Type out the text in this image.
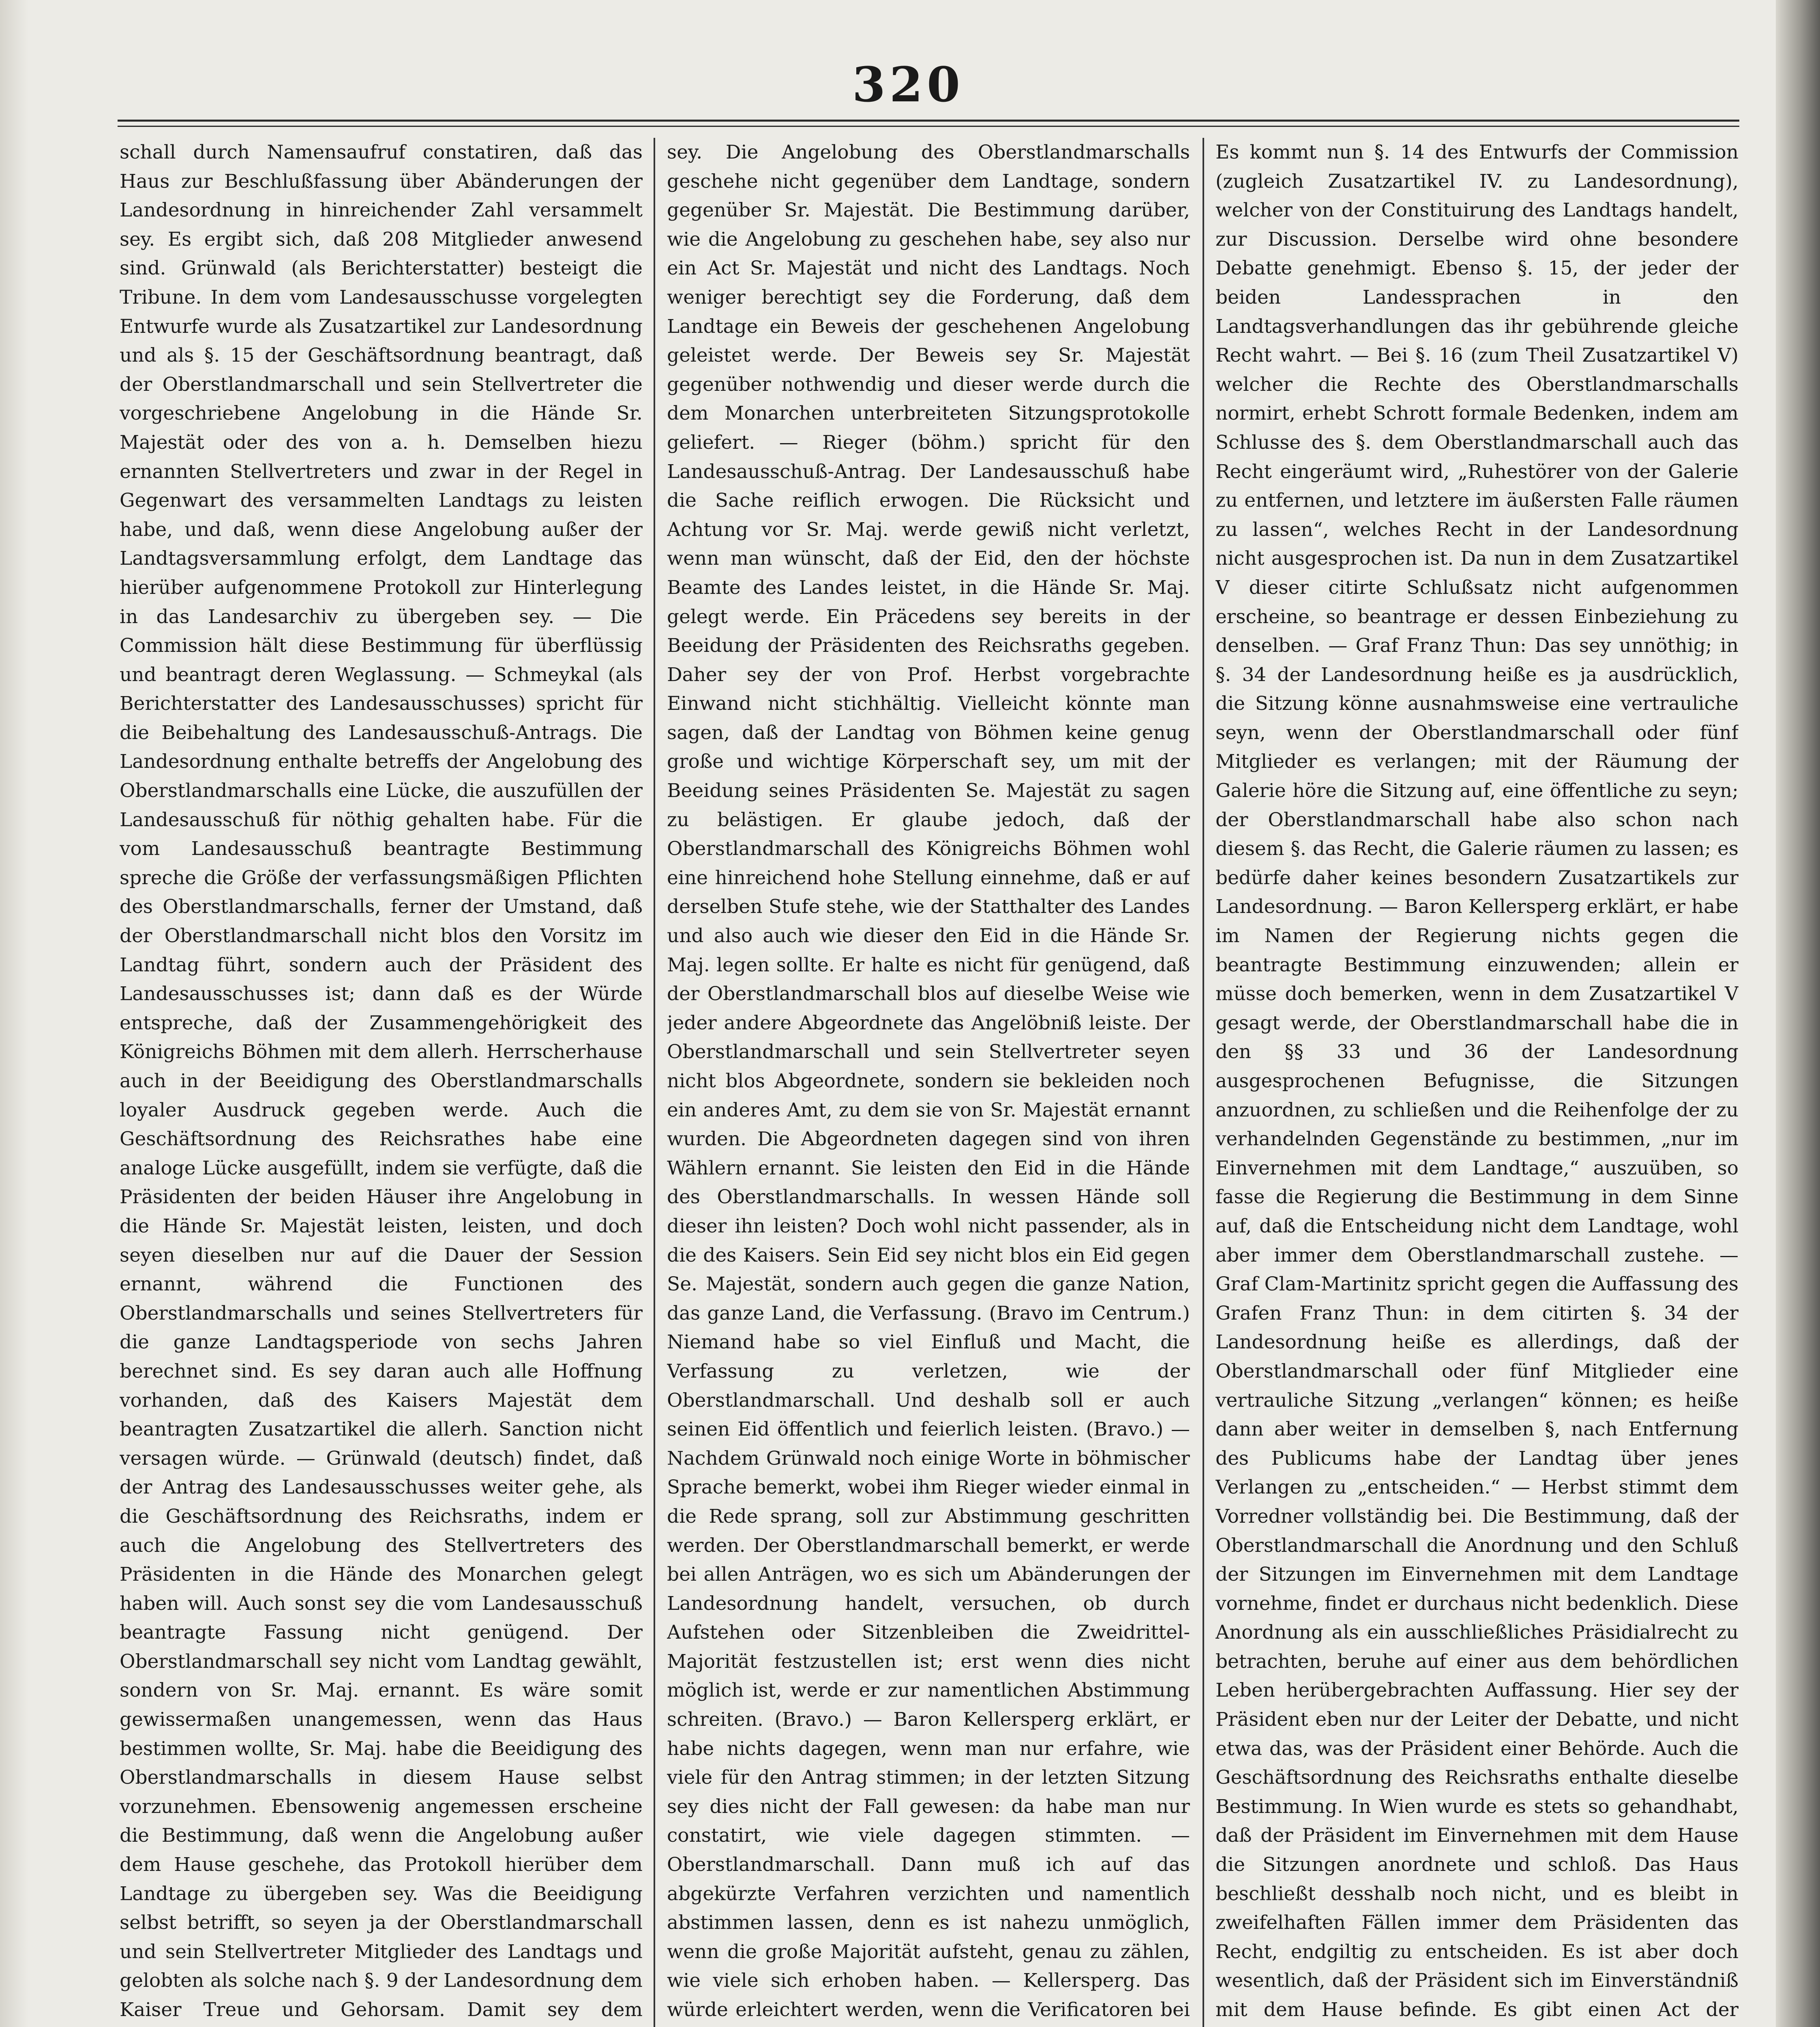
320

schall durch Namensaufruf constatiren, daß das Haus zur Beschlußfassung über Abänderungen der Landesordnung in hinreichender Zahl versammelt sey. Es ergibt sich, daß 208 Mitglieder anwesend sind. Grünwald (als Berichterstatter) besteigt die Tribune. In dem vom Landesausschusse vorgelegten Entwurfe wurde als Zusatzartikel zur Landesordnung und als §. 15 der Geschäftsordnung beantragt, daß der Oberstlandmarschall und sein Stellvertreter die vorgeschriebene Angelobung in die Hände Sr. Majestät oder des von a. h. Demselben hiezu ernannten Stellvertreters und zwar in der Regel in Gegenwart des versammelten Landtags zu leisten habe, und daß, wenn diese Angelobung außer der Landtagsversammlung erfolgt, dem Landtage das hierüber aufgenommene Protokoll zur Hinterlegung in das Landesarchiv zu übergeben sey. — Die Commission hält diese Bestimmung für überflüssig und beantragt deren Weglassung. — Schmeykal (als Berichterstatter des Landesausschusses) spricht für die Beibehaltung des Landesausschuß-Antrags. Die Landesordnung enthalte betreffs der Angelobung des Oberstlandmarschalls eine Lücke, die auszufüllen der Landesausschuß für nöthig gehalten habe. Für die vom Landesausschuß beantragte Bestimmung spreche die Größe der verfassungsmäßigen Pflichten des Oberstlandmarschalls, ferner der Umstand, daß der Oberstlandmarschall nicht blos den Vorsitz im Landtag führt, sondern auch der Präsident des Landesausschusses ist; dann daß es der Würde entspreche, daß der Zusammengehörigkeit des Königreichs Böhmen mit dem allerh. Herrscherhause auch in der Beeidigung des Oberstlandmarschalls loyaler Ausdruck gegeben werde. Auch die Geschäftsordnung des Reichsrathes habe eine analoge Lücke ausgefüllt, indem sie verfügte, daß die Präsidenten der beiden Häuser ihre Angelobung in die Hände Sr. Majestät leisten, leisten, und doch seyen dieselben nur auf die Dauer der Session ernannt, während die Functionen des Oberstlandmarschalls und seines Stellvertreters für die ganze Landtagsperiode von sechs Jahren berechnet sind. Es sey daran auch alle Hoffnung vorhanden, daß des Kaisers Majestät dem beantragten Zusatzartikel die allerh. Sanction nicht versagen würde. — Grünwald (deutsch) findet, daß der Antrag des Landesausschusses weiter gehe, als die Geschäftsordnung des Reichsraths, indem er auch die Angelobung des Stellvertreters des Präsidenten in die Hände des Monarchen gelegt haben will. Auch sonst sey die vom Landesausschuß beantragte Fassung nicht genügend. Der Oberstlandmarschall sey nicht vom Landtag gewählt, sondern von Sr. Maj. ernannt. Es wäre somit gewissermaßen unangemessen, wenn das Haus bestimmen wollte, Sr. Maj. habe die Beeidigung des Oberstlandmarschalls in diesem Hause selbst vorzunehmen. Ebensowenig angemessen erscheine die Bestimmung, daß wenn die Angelobung außer dem Hause geschehe, das Protokoll hierüber dem Landtage zu übergeben sey. Was die Beeidigung selbst betrifft, so seyen ja der Oberstlandmarschall und sein Stellvertreter Mitglieder des Landtags und gelobten als solche nach §. 9 der Landesordnung dem Kaiser Treue und Gehorsam. Damit sey dem

sey. Die Angelobung des Oberstlandmarschalls geschehe nicht gegenüber dem Landtage, sondern gegenüber Sr. Majestät. Die Bestimmung darüber, wie die Angelobung zu geschehen habe, sey also nur ein Act Sr. Majestät und nicht des Landtags. Noch weniger berechtigt sey die Forderung, daß dem Landtage ein Beweis der geschehenen Angelobung geleistet werde. Der Beweis sey Sr. Majestät gegenüber nothwendig und dieser werde durch die dem Monarchen unterbreiteten Sitzungsprotokolle geliefert. — Rieger (böhm.) spricht für den Landesausschuß-Antrag. Der Landesausschuß habe die Sache reiflich erwogen. Die Rücksicht und Achtung vor Sr. Maj. werde gewiß nicht verletzt, wenn man wünscht, daß der Eid, den der höchste Beamte des Landes leistet, in die Hände Sr. Maj. gelegt werde. Ein Präcedens sey bereits in der Beeidung der Präsidenten des Reichsraths gegeben. Daher sey der von Prof. Herbst vorgebrachte Einwand nicht stichhältig. Vielleicht könnte man sagen, daß der Landtag von Böhmen keine genug große und wichtige Körperschaft sey, um mit der Beeidung seines Präsidenten Se. Majestät zu sagen zu belästigen. Er glaube jedoch, daß der Oberstlandmarschall des Königreichs Böhmen wohl eine hinreichend hohe Stellung einnehme, daß er auf derselben Stufe stehe, wie der Statthalter des Landes und also auch wie dieser den Eid in die Hände Sr. Maj. legen sollte. Er halte es nicht für genügend, daß der Oberstlandmarschall blos auf dieselbe Weise wie jeder andere Abgeordnete das Angelöbniß leiste. Der Oberstlandmarschall und sein Stellvertreter seyen nicht blos Abgeordnete, sondern sie bekleiden noch ein anderes Amt, zu dem sie von Sr. Majestät ernannt wurden. Die Abgeordneten dagegen sind von ihren Wählern ernannt. Sie leisten den Eid in die Hände des Oberstlandmarschalls. In wessen Hände soll dieser ihn leisten? Doch wohl nicht passender, als in die des Kaisers. Sein Eid sey nicht blos ein Eid gegen Se. Majestät, sondern auch gegen die ganze Nation, das ganze Land, die Verfassung. (Bravo im Centrum.) Niemand habe so viel Einfluß und Macht, die Verfassung zu verletzen, wie der Oberstlandmarschall. Und deshalb soll er auch seinen Eid öffentlich und feierlich leisten. (Bravo.) — Nachdem Grünwald noch einige Worte in böhmischer Sprache bemerkt, wobei ihm Rieger wieder einmal in die Rede sprang, soll zur Abstimmung geschritten werden. Der Oberstlandmarschall bemerkt, er werde bei allen Anträgen, wo es sich um Abänderungen der Landesordnung handelt, versuchen, ob durch Aufstehen oder Sitzenbleiben die Zweidrittel-Majorität festzustellen ist; erst wenn dies nicht möglich ist, werde er zur namentlichen Abstimmung schreiten. (Bravo.) — Baron Kellersperg erklärt, er habe nichts dagegen, wenn man nur erfahre, wie viele für den Antrag stimmen; in der letzten Sitzung sey dies nicht der Fall gewesen: da habe man nur constatirt, wie viele dagegen stimmten. — Oberstlandmarschall. Dann muß ich auf das abgekürzte Verfahren verzichten und namentlich abstimmen lassen, denn es ist nahezu unmöglich, wenn die große Majorität aufsteht, genau zu zählen, wie viele sich erhoben haben. — Kellersperg. Das würde erleichtert werden, wenn die Verificatoren bei

Es kommt nun §. 14 des Entwurfs der Commission (zugleich Zusatzartikel IV. zu Landesordnung), welcher von der Constituirung des Landtags handelt, zur Discussion. Derselbe wird ohne besondere Debatte genehmigt. Ebenso §. 15, der jeder der beiden Landessprachen in den Landtagsverhandlungen das ihr gebührende gleiche Recht wahrt. — Bei §. 16 (zum Theil Zusatzartikel V) welcher die Rechte des Oberstlandmarschalls normirt, erhebt Schrott formale Bedenken, indem am Schlusse des §. dem Oberstlandmarschall auch das Recht eingeräumt wird, „Ruhestörer von der Galerie zu entfernen, und letztere im äußersten Falle räumen zu lassen“, welches Recht in der Landesordnung nicht ausgesprochen ist. Da nun in dem Zusatzartikel V dieser citirte Schlußsatz nicht aufgenommen erscheine, so beantrage er dessen Einbeziehung zu denselben. — Graf Franz Thun: Das sey unnöthig; in §. 34 der Landesordnung heiße es ja ausdrücklich, die Sitzung könne ausnahmsweise eine vertrauliche seyn, wenn der Oberstlandmarschall oder fünf Mitglieder es verlangen; mit der Räumung der Galerie höre die Sitzung auf, eine öffentliche zu seyn; der Oberstlandmarschall habe also schon nach diesem §. das Recht, die Galerie räumen zu lassen; es bedürfe daher keines besondern Zusatzartikels zur Landesordnung. — Baron Kellersperg erklärt, er habe im Namen der Regierung nichts gegen die beantragte Bestimmung einzuwenden; allein er müsse doch bemerken, wenn in dem Zusatzartikel V gesagt werde, der Oberstlandmarschall habe die in den §§ 33 und 36 der Landesordnung ausgesprochenen Befugnisse, die Sitzungen anzuordnen, zu schließen und die Reihenfolge der zu verhandelnden Gegenstände zu bestimmen, „nur im Einvernehmen mit dem Landtage,“ auszuüben, so fasse die Regierung die Bestimmung in dem Sinne auf, daß die Entscheidung nicht dem Landtage, wohl aber immer dem Oberstlandmarschall zustehe. — Graf Clam-Martinitz spricht gegen die Auffassung des Grafen Franz Thun: in dem citirten §. 34 der Landesordnung heiße es allerdings, daß der Oberstlandmarschall oder fünf Mitglieder eine vertrauliche Sitzung „verlangen“ können; es heiße dann aber weiter in demselben §, nach Entfernung des Publicums habe der Landtag über jenes Verlangen zu „entscheiden.“ — Herbst stimmt dem Vorredner vollständig bei. Die Bestimmung, daß der Oberstlandmarschall die Anordnung und den Schluß der Sitzungen im Einvernehmen mit dem Landtage vornehme, findet er durchaus nicht bedenklich. Diese Anordnung als ein ausschließliches Präsidialrecht zu betrachten, beruhe auf einer aus dem behördlichen Leben herübergebrachten Auffassung. Hier sey der Präsident eben nur der Leiter der Debatte, und nicht etwa das, was der Präsident einer Behörde. Auch die Geschäftsordnung des Reichsraths enthalte dieselbe Bestimmung. In Wien wurde es stets so gehandhabt, daß der Präsident im Einvernehmen mit dem Hause die Sitzungen anordnete und schloß. Das Haus beschließt desshalb noch nicht, und es bleibt in zweifelhaften Fällen immer dem Präsidenten das Recht, endgiltig zu entscheiden. Es ist aber doch wesentlich, daß der Präsident sich im Einverständniß mit dem Hause befinde. Es gibt einen Act der
